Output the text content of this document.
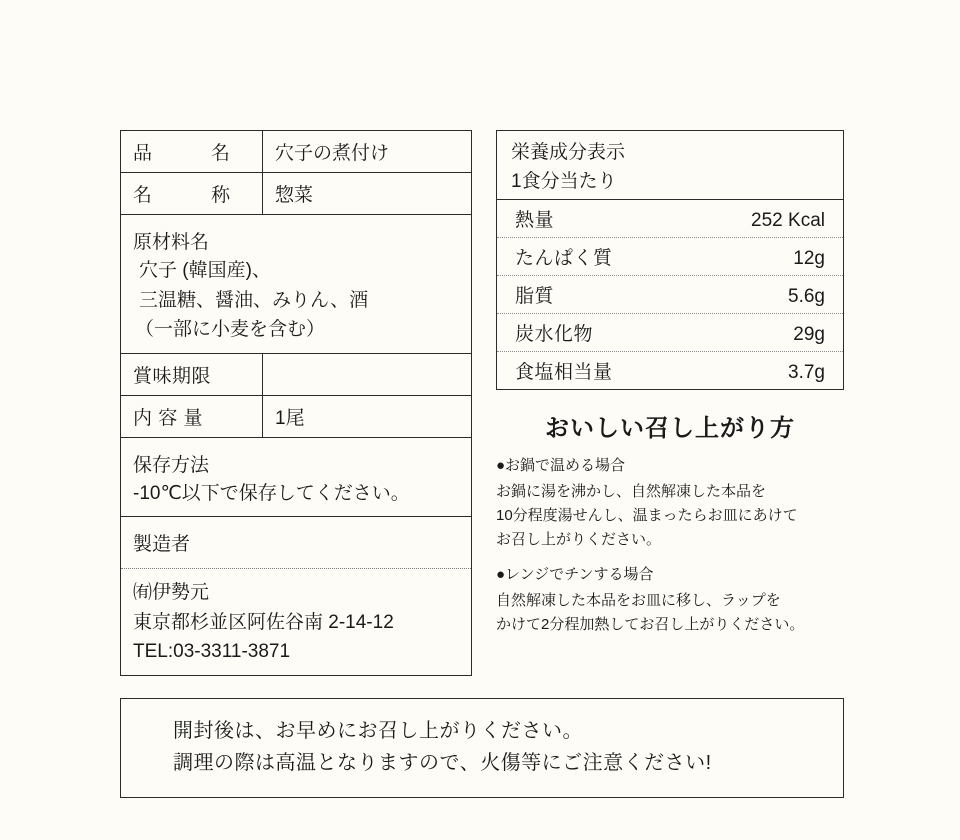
品　　　名	穴子の煮付け
名　　　称	惣菜
原材料名
穴子 (韓国産)、
三温糖、醤油、みりん、酒
（一部に小麦を含む）
賞味期限
内 容 量	1尾
保存方法
-10℃以下で保存してください。
製造者
㈲伊勢元
東京都杉並区阿佐谷南 2-14-12
TEL:03-3311-3871
栄養成分表示
1食分当たり
熱量	252 Kcal
たんぱく質	12g
脂質	5.6g
炭水化物	29g
食塩相当量	3.7g
おいしい召し上がり方
●お鍋で温める場合
お鍋に湯を沸かし、自然解凍した本品を
10分程度湯せんし、温まったらお皿にあけて
お召し上がりください。
●レンジでチンする場合
自然解凍した本品をお皿に移し、ラップを
かけて2分程加熱してお召し上がりください。
開封後は、お早めにお召し上がりください。
調理の際は高温となりますので、火傷等にご注意ください!
